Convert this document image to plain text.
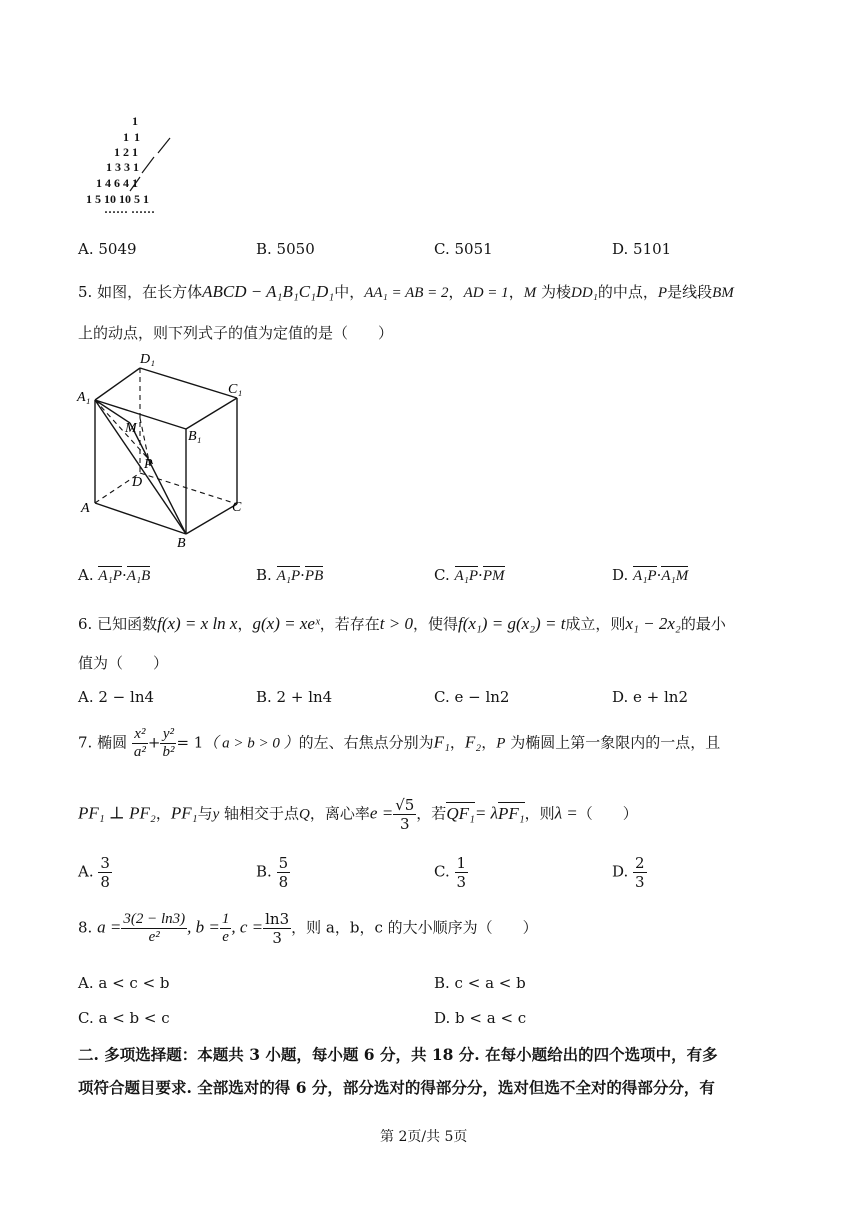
1
1 1
1 2 1
1 3 3 1
1 4 6 4 1
1 5 10 10 5 1
······ ······
A. 5049	B. 5050	C. 5051	D. 5101
5. 如图，在长方体ABCD − A₁B₁C₁D₁中，AA₁ = AB = 2，AD = 1，M 为棱DD₁的中点，P是线段BM
上的动点，则下列式子的值为定值的是（　　）
D₁
C₁
A₁
B₁
M
P
D
A	C
B
A. A₁P·A₁B	B. A₁P·PB	C. A₁P·PM	D. A₁P·A₁M
6. 已知函数f(x) = x ln x，g(x) = xeˣ，若存在t > 0，使得f(x₁) = g(x₂) = t成立，则x₁ − 2x₂的最小
值为（　　）
A. 2 − ln4	B. 2 + ln4	C. e − ln2	D. e + ln2
7. 椭圆 $\frac{\text{x²}}{\text{a²}} + \frac{\text{y²}}{\text{b²}} = 1$（ a > b > 0 ）的左、右焦点分别为F₁，F₂，P 为椭圆上第一象限内的一点，且
PF₁ ⊥ PF₂，PF₁与y 轴相交于点Q，离心率$e = \frac{√5}{3}$ ，若QF₁= λPF₁，则λ =（　　）
A. $\frac{3}{8}$	B. $\frac{5}{8}$	C. $\frac{1}{3}$	D. $\frac{2}{3}$
8. $a = \frac{3(2 - \ln 3)}{\text{e²}}$ , $b = \frac{1}{e}$ , $c = \frac{\ln 3}{3}$ ，则 a，b，c 的大小顺序为（　　）
A. a < c < b	B. c < a < b
C. a < b < c	D. b < a < c
二. 多项选择题：本题共 3 小题，每小题 6 分，共 18 分. 在每小题给出的四个选项中，有多
项符合题目要求. 全部选对的得 6 分，部分选对的得部分分，选对但选不全对的得部分分，有
第 2页/共 5页
